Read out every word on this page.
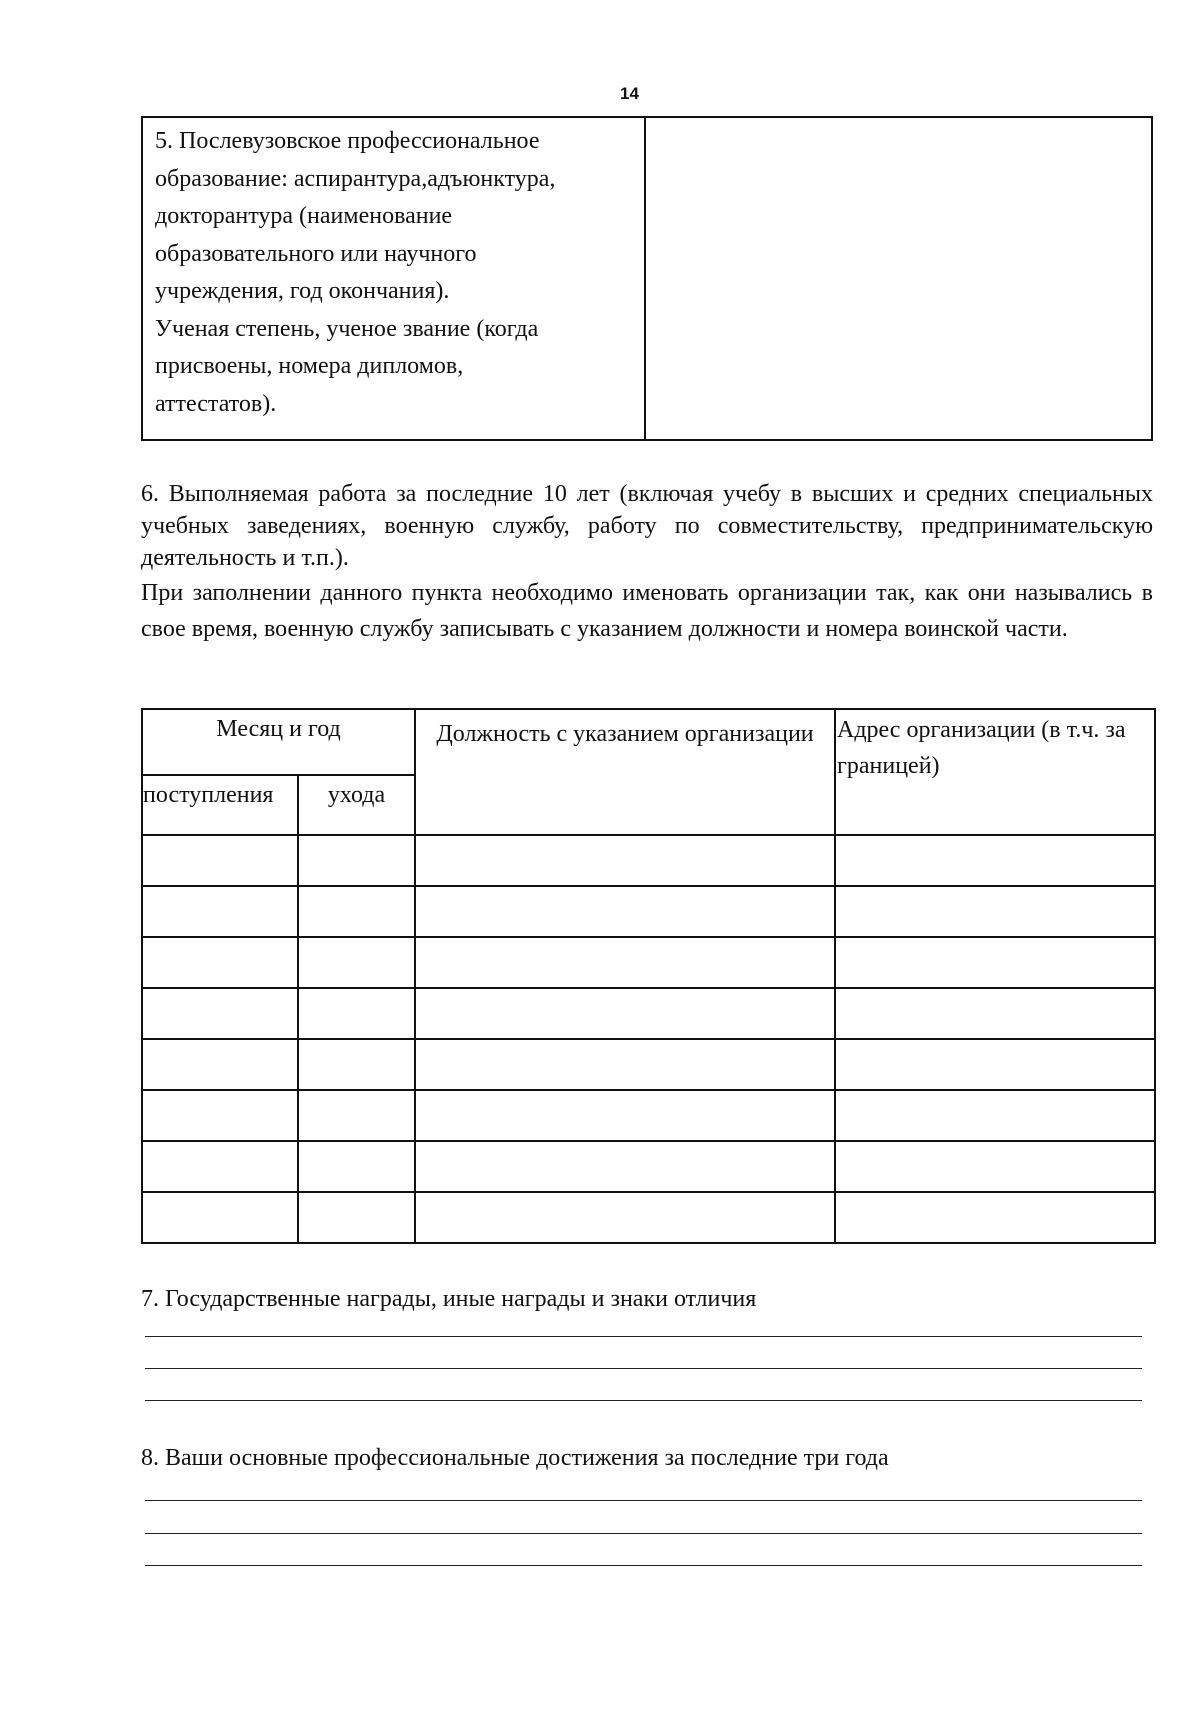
14
5. Послевузовское профессиональное
образование: аспирантура,адъюнктура,
докторантура (наименование
образовательного или научного
учреждения, год окончания).
Ученая степень, ученое звание (когда
присвоены, номера дипломов,
аттестатов).
6. Выполняемая работа за последние 10 лет (включая учебу в высших и средних специальных учебных заведениях, военную службу, работу по совместительству, предпринимательскую деятельность и т.п.).
При заполнении данного пункта необходимо именовать организации так, как они назывались в свое время, военную службу записывать с указанием должности и номера воинской части.
Месяц и год		Должность с указанием организации	Адрес организации (в т.ч. за границей)
поступления	ухода		

7. Государственные награды, иные награды и знаки отличия
8. Ваши основные профессиональные достижения за последние три года
